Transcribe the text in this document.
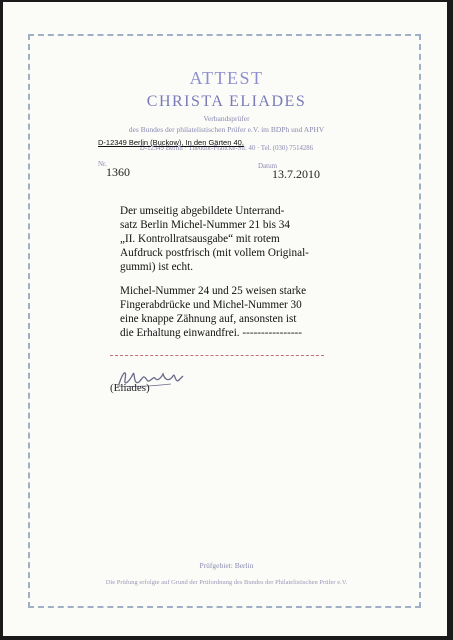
ATTEST
CHRISTA ELIADES
Verbandsprüfer
des Bundes der philatelistischen Prüfer e.V. im BDPh und APHV
D-12349 Berlin · Theodor-Francke-Str. 40 · Tel. (030) 7514286
D-12349 Berlin (Buckow), In den Gärten 40,
Nr.
1360	Datum
13.7.2010
Der umseitig abgebildete Unterrand-
satz Berlin Michel-Nummer 21 bis 34
„II. Kontrollratsausgabe“ mit rotem
Aufdruck postfrisch (mit vollem Original-
gummi) ist echt.
Michel-Nummer 24 und 25 weisen starke
Fingerabdrücke und Michel-Nummer 30
eine knappe Zähnung auf, ansonsten ist
die Erhaltung einwandfrei. ----------------
(Eliades)
Prüfgebiet: Berlin
Die Prüfung erfolgte auf Grund der Prüfordnung des Bundes der Philatelistischen Prüfer e.V.
